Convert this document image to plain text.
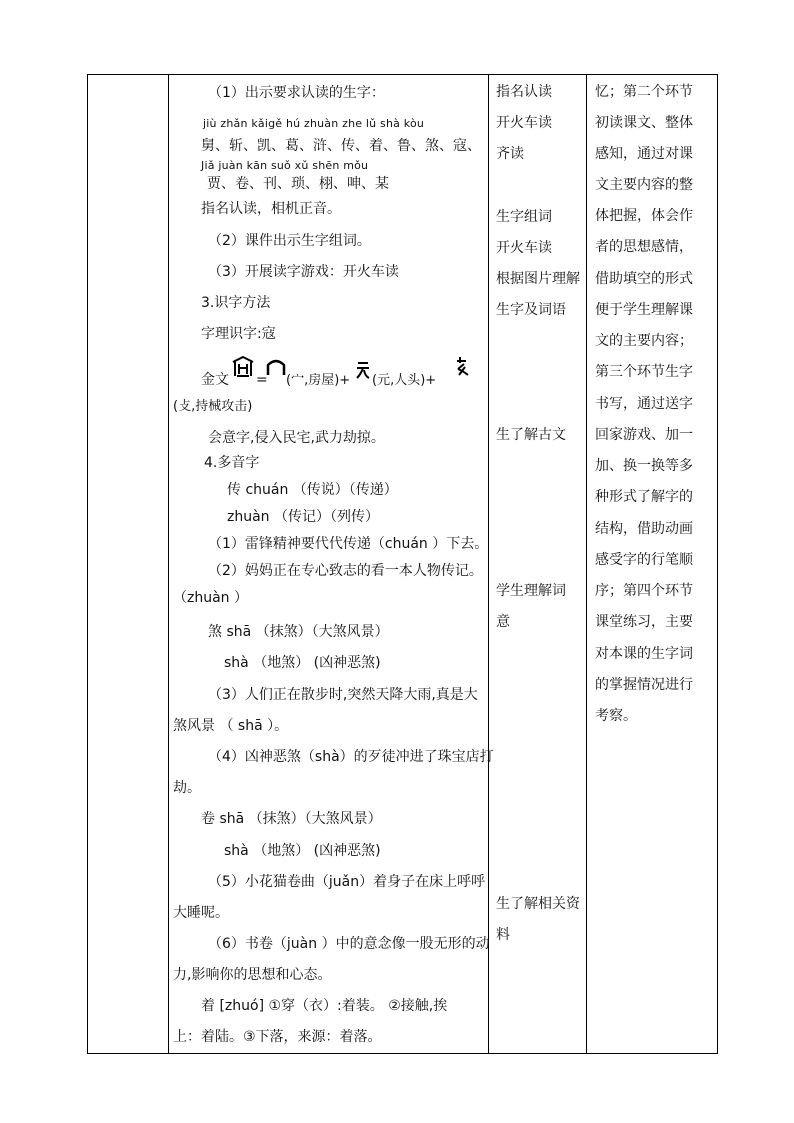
（1）出示要求认读的生字：
jiù zhǎn kǎigě hú zhuàn zhe lǔ shà kòu
舅、斩、凯、葛、浒、传、着、鲁、煞、寇、
Jiǎ juàn kān suǒ xǔ shēn mǒu
贾、卷、刊、琐、栩、呻、某
指名认读，相机正音。
（2）课件出示生字组词。
（3）开展读字游戏：开火车读
3.识字方法
字理识字:寇
金文 = (宀,房屋)+ (元,人头)+
(攴,持械攻击)
会意字,侵入民宅,武力劫掠。
4.多音字
传 chuán （传说）（传递）
zhuàn （传记）（列传）
（1）雷锋精神要代代传递（chuán ）下去。
（2）妈妈正在专心致志的看一本人物传记。
（zhuàn ）
煞 shā （抹煞）（大煞风景）
shà （地煞） (凶神恶煞)
（3）人们正在散步时,突然天降大雨,真是大
煞风景 （ shā ）。
（4）凶神恶煞（shà）的歹徒冲进了珠宝店打
劫。
卷 shā （抹煞）（大煞风景）
shà （地煞） (凶神恶煞)
（5）小花猫卷曲（juǎn）着身子在床上呼呼
大睡呢。
（6）书卷（juàn ）中的意念像一股无形的动
力,影响你的思想和心态。
着 [zhuó] ①穿（衣）:着装。 ②接触,挨
上：着陆。③下落，来源：着落。
指名认读
开火车读
齐读
生字组词
开火车读
根据图片理解
生字及词语
生了解古文
学生理解词
意
生了解相关资
料
忆；第二个环节
初读课文、整体
感知，通过对课
文主要内容的整
体把握，体会作
者的思想感情，
借助填空的形式
便于学生理解课
文的主要内容；
第三个环节生字
书写，通过送字
回家游戏、加一
加、换一换等多
种形式了解字的
结构，借助动画
感受字的行笔顺
序；第四个环节
课堂练习，主要
对本课的生字词
的掌握情况进行
考察。
